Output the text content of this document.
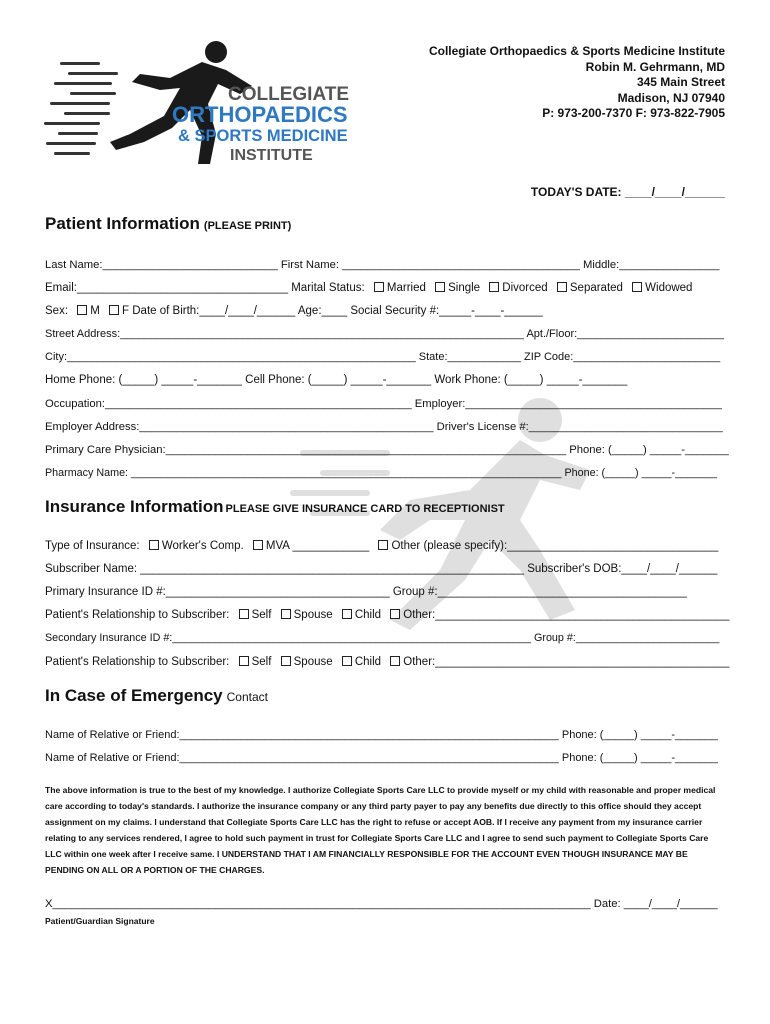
COLLEGIATE
ORTHOPAEDICS
& SPORTS MEDICINE
INSTITUTE
Collegiate Orthopaedics & Sports Medicine Institute
Robin M. Gehrmann, MD
345 Main Street
Madison, NJ 07940
P: 973-200-7370 F: 973-822-7905
TODAY'S DATE: ____/____/______
Patient Information (PLEASE PRINT)
Last Name:____________________________ First Name: ______________________________________ Middle:________________
Email:_________________________________ Marital Status: Married Single Divorced Separated Widowed
Sex: M F Date of Birth:____/____/______ Age:____ Social Security #:_____-____-______
Street Address:__________________________________________________________________ Apt./Floor:________________________
City:_________________________________________________________ State:____________ ZIP Code:________________________
Home Phone: (_____) _____-_______ Cell Phone: (_____) _____-_______ Work Phone: (_____) _____-_______
Occupation:_________________________________________________ Employer:_________________________________________
Employer Address:_______________________________________________ Driver's License #:_______________________________
Primary Care Physician:________________________________________________________________ Phone: (_____) _____-_______
Pharmacy Name: ________________________________________________________________________ Phone: (_____) _____-_______
Insurance Information PLEASE GIVE INSURANCE CARD TO RECEPTIONIST
Type of Insurance: Worker's Comp. MVA ____________ Other (please specify):_________________________________
Subscriber Name: ____________________________________________________________ Subscriber's DOB:____/____/______
Primary Insurance ID #:___________________________________ Group #:_______________________________________
Patient's Relationship to Subscriber: Self Spouse Child Other:______________________________________________
Secondary Insurance ID #:____________________________________________________________ Group #:________________________
Patient's Relationship to Subscriber: Self Spouse Child Other:______________________________________________
In Case of Emergency Contact
Name of Relative or Friend:______________________________________________________________ Phone: (_____) _____-_______
Name of Relative or Friend:______________________________________________________________ Phone: (_____) _____-_______
The above information is true to the best of my knowledge. I authorize Collegiate Sports Care LLC to provide myself or my child with reasonable and proper medical care according to today's standards. I authorize the insurance company or any third party payer to pay any benefits due directly to this office should they accept assignment on my claims. I understand that Collegiate Sports Care LLC has the right to refuse or accept AOB. If I receive any payment from my insurance carrier relating to any services rendered, I agree to hold such payment in trust for Collegiate Sports Care LLC and I agree to send such payment to Collegiate Sports Care LLC within one week after I receive same. I UNDERSTAND THAT I AM FINANCIALLY RESPONSIBLE FOR THE ACCOUNT EVEN THOUGH INSURANCE MAY BE PENDING ON ALL OR A PORTION OF THE CHARGES.
X______________________________________________________________________________________ Date: ____/____/______
Patient/Guardian Signature
